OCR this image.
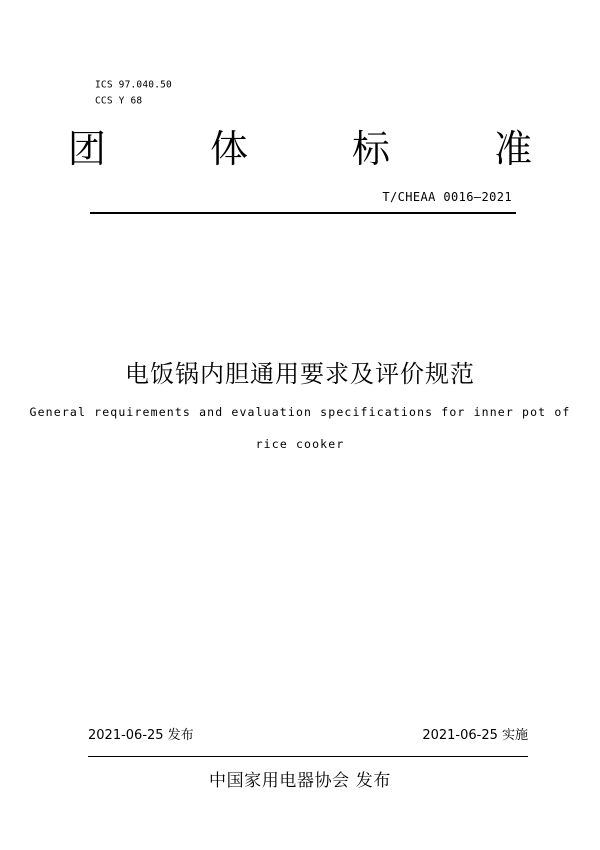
ICS 97.040.50
CCS Y 68
团 体 标 准
T/CHEAA 0016—2021
电饭锅内胆通用要求及评价规范
General requirements and evaluation specifications for inner pot of
rice cooker
2021-06-25 发布	2021-06-25 实施
中国家用电器协会 发布
